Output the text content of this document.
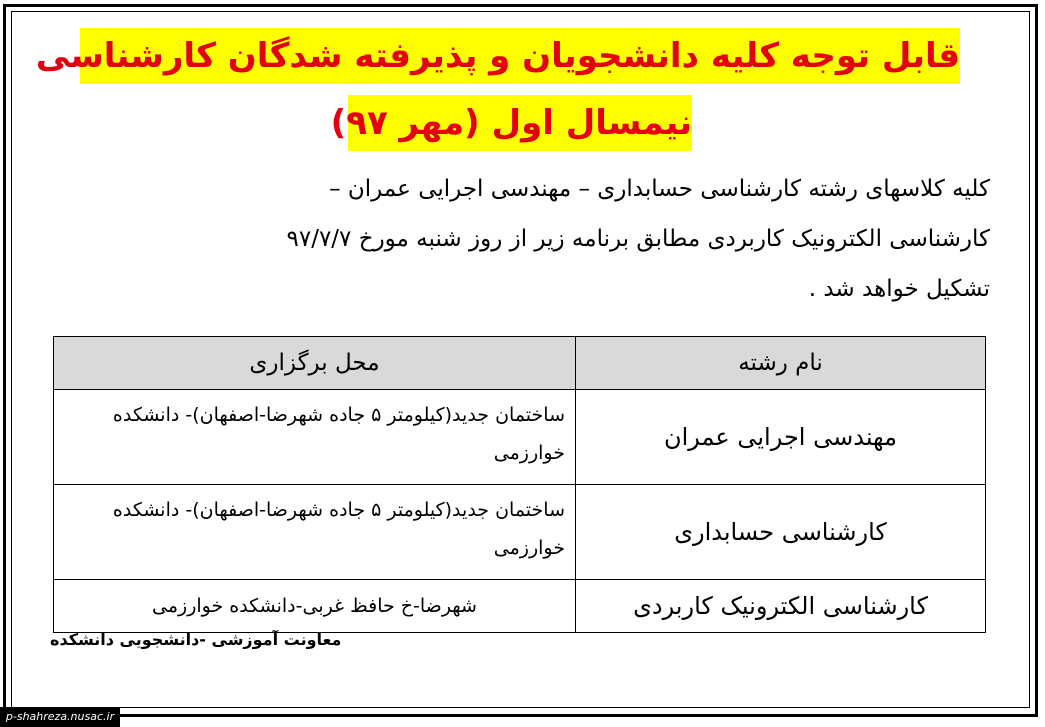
قابل توجه کلیه دانشجویان و پذیرفته شدگان کارشناسی
نیمسال اول (مهر ۹۷)
کلیه کلاسهای رشته کارشناسی حسابداری – مهندسی اجرایی عمران –
کارشناسی الکترونیک کاربردی مطابق برنامه زیر از روز شنبه مورخ ۹۷/۷/۷
تشکیل خواهد شد .
نام رشته	محل برگزاری
مهندسی اجرایی عمران	ساختمان جدید(کیلومتر ۵ جاده شهرضا-اصفهان)- دانشکده خوارزمی
کارشناسی حسابداری	ساختمان جدید(کیلومتر ۵ جاده شهرضا-اصفهان)- دانشکده خوارزمی
کارشناسی الکترونیک کاربردی	شهرضا-خ حافظ غربی-دانشکده خوارزمی
معاونت آموزشی -دانشجویی دانشکده
p-shahreza.nusac.ir
